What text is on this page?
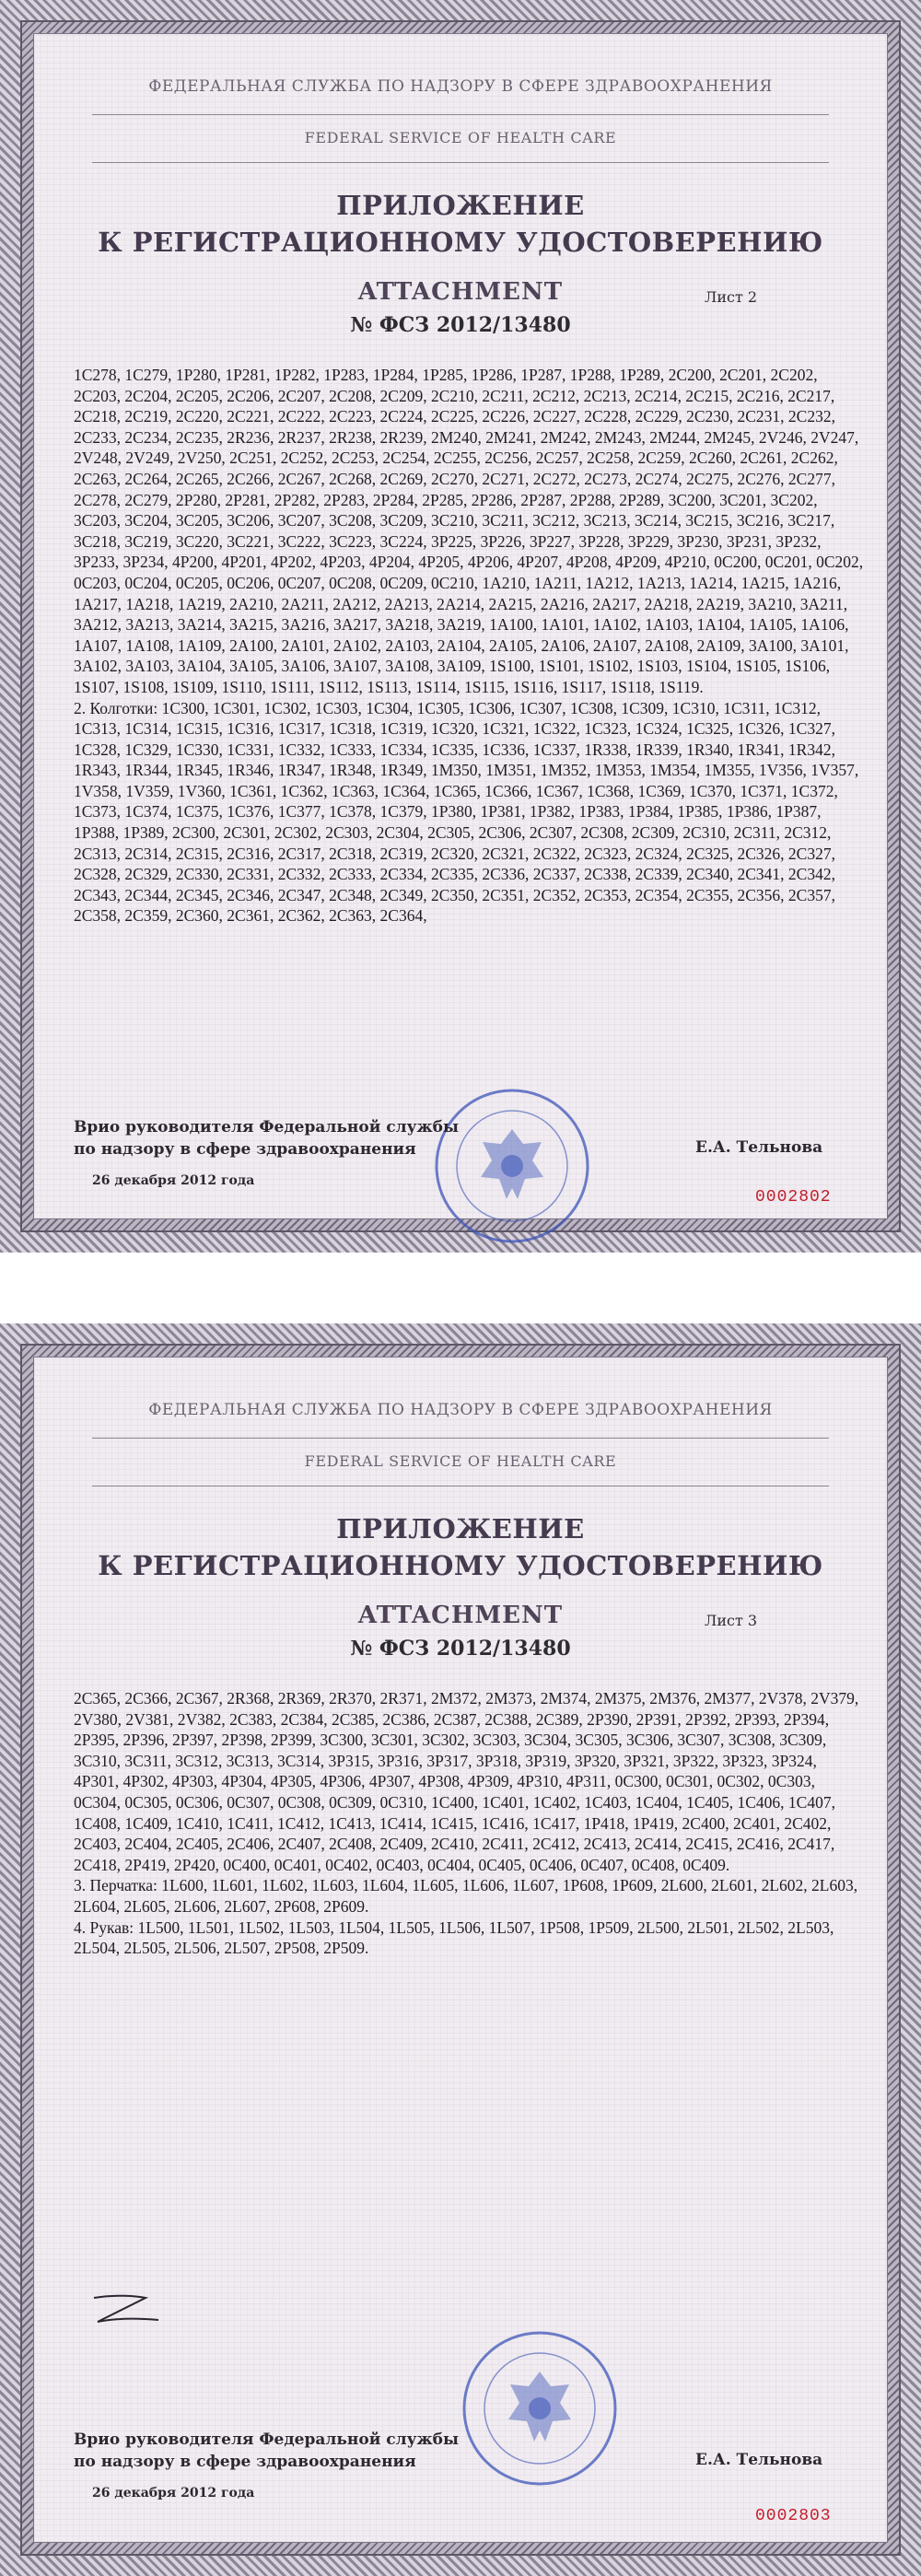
ФЕДЕРАЛЬНАЯ СЛУЖБА ПО НАДЗОРУ В СФЕРЕ ЗДРАВООХРАНЕНИЯ
FEDERAL SERVICE OF HEALTH CARE
ПРИЛОЖЕНИЕ
К РЕГИСТРАЦИОННОМУ УДОСТОВЕРЕНИЮ
ATTACHMENT
№ ФСЗ 2012/13480
Лист 2

1C278, 1C279, 1P280, 1P281, 1P282, 1P283, 1P284, 1P285, 1P286, 1P287, 1P288, 1P289, 2C200, 2C201, 2C202, 2C203, 2C204, 2C205, 2C206, 2C207, 2C208, 2C209, 2C210, 2C211, 2C212, 2C213, 2C214, 2C215, 2C216, 2C217, 2C218, 2C219, 2C220, 2C221, 2C222, 2C223, 2C224, 2C225, 2C226, 2C227, 2C228, 2C229, 2C230, 2C231, 2C232, 2C233, 2C234, 2C235, 2R236, 2R237, 2R238, 2R239, 2M240, 2M241, 2M242, 2M243, 2M244, 2M245, 2V246, 2V247, 2V248, 2V249, 2V250, 2C251, 2C252, 2C253, 2C254, 2C255, 2C256, 2C257, 2C258, 2C259, 2C260, 2C261, 2C262, 2C263, 2C264, 2C265, 2C266, 2C267, 2C268, 2C269, 2C270, 2C271, 2C272, 2C273, 2C274, 2C275, 2C276, 2C277, 2C278, 2C279, 2P280, 2P281, 2P282, 2P283, 2P284, 2P285, 2P286, 2P287, 2P288, 2P289, 3C200, 3C201, 3C202, 3C203, 3C204, 3C205, 3C206, 3C207, 3C208, 3C209, 3C210, 3C211, 3C212, 3C213, 3C214, 3C215, 3C216, 3C217, 3C218, 3C219, 3C220, 3C221, 3C222, 3C223, 3C224, 3P225, 3P226, 3P227, 3P228, 3P229, 3P230, 3P231, 3P232, 3P233, 3P234, 4P200, 4P201, 4P202, 4P203, 4P204, 4P205, 4P206, 4P207, 4P208, 4P209, 4P210, 0C200, 0C201, 0C202, 0C203, 0C204, 0C205, 0C206, 0C207, 0C208, 0C209, 0C210, 1A210, 1A211, 1A212, 1A213, 1A214, 1A215, 1A216, 1A217, 1A218, 1A219, 2A210, 2A211, 2A212, 2A213, 2A214, 2A215, 2A216, 2A217, 2A218, 2A219, 3A210, 3A211, 3A212, 3A213, 3A214, 3A215, 3A216, 3A217, 3A218, 3A219, 1A100, 1A101, 1A102, 1A103, 1A104, 1A105, 1A106, 1A107, 1A108, 1A109, 2A100, 2A101, 2A102, 2A103, 2A104, 2A105, 2A106, 2A107, 2A108, 2A109, 3A100, 3A101, 3A102, 3A103, 3A104, 3A105, 3A106, 3A107, 3A108, 3A109, 1S100, 1S101, 1S102, 1S103, 1S104, 1S105, 1S106, 1S107, 1S108, 1S109, 1S110, 1S111, 1S112, 1S113, 1S114, 1S115, 1S116, 1S117, 1S118, 1S119.

2. Колготки: 1C300, 1C301, 1C302, 1C303, 1C304, 1C305, 1C306, 1C307, 1C308, 1C309, 1C310, 1C311, 1C312, 1C313, 1C314, 1C315, 1C316, 1C317, 1C318, 1C319, 1C320, 1C321, 1C322, 1C323, 1C324, 1C325, 1C326, 1C327, 1C328, 1C329, 1C330, 1C331, 1C332, 1C333, 1C334, 1C335, 1C336, 1C337, 1R338, 1R339, 1R340, 1R341, 1R342, 1R343, 1R344, 1R345, 1R346, 1R347, 1R348, 1R349, 1M350, 1M351, 1M352, 1M353, 1M354, 1M355, 1V356, 1V357, 1V358, 1V359, 1V360, 1C361, 1C362, 1C363, 1C364, 1C365, 1C366, 1C367, 1C368, 1C369, 1C370, 1C371, 1C372, 1C373, 1C374, 1C375, 1C376, 1C377, 1C378, 1C379, 1P380, 1P381, 1P382, 1P383, 1P384, 1P385, 1P386, 1P387, 1P388, 1P389, 2C300, 2C301, 2C302, 2C303, 2C304, 2C305, 2C306, 2C307, 2C308, 2C309, 2C310, 2C311, 2C312, 2C313, 2C314, 2C315, 2C316, 2C317, 2C318, 2C319, 2C320, 2C321, 2C322, 2C323, 2C324, 2C325, 2C326, 2C327, 2C328, 2C329, 2C330, 2C331, 2C332, 2C333, 2C334, 2C335, 2C336, 2C337, 2C338, 2C339, 2C340, 2C341, 2C342, 2C343, 2C344, 2C345, 2C346, 2C347, 2C348, 2C349, 2C350, 2C351, 2C352, 2C353, 2C354, 2C355, 2C356, 2C357, 2C358, 2C359, 2C360, 2C361, 2C362, 2C363, 2C364,

Врио руководителя Федеральной службы
по надзору в сфере здравоохранения	Е.А. Тельнова
26 декабря 2012 года
0002802
ФЕДЕРАЛЬНАЯ СЛУЖБА ПО НАДЗОРУ В СФЕРЕ ЗДРАВООХРАНЕНИЯ
FEDERAL SERVICE OF HEALTH CARE
ПРИЛОЖЕНИЕ
К РЕГИСТРАЦИОННОМУ УДОСТОВЕРЕНИЮ
ATTACHMENT
№ ФСЗ 2012/13480
Лист 3

2C365, 2C366, 2C367, 2R368, 2R369, 2R370, 2R371, 2M372, 2M373, 2M374, 2M375, 2M376, 2M377, 2V378, 2V379, 2V380, 2V381, 2V382, 2C383, 2C384, 2C385, 2C386, 2C387, 2C388, 2C389, 2P390, 2P391, 2P392, 2P393, 2P394, 2P395, 2P396, 2P397, 2P398, 2P399, 3C300, 3C301, 3C302, 3C303, 3C304, 3C305, 3C306, 3C307, 3C308, 3C309, 3C310, 3C311, 3C312, 3C313, 3C314, 3P315, 3P316, 3P317, 3P318, 3P319, 3P320, 3P321, 3P322, 3P323, 3P324, 4P301, 4P302, 4P303, 4P304, 4P305, 4P306, 4P307, 4P308, 4P309, 4P310, 4P311, 0C300, 0C301, 0C302, 0C303, 0C304, 0C305, 0C306, 0C307, 0C308, 0C309, 0C310, 1C400, 1C401, 1C402, 1C403, 1C404, 1C405, 1C406, 1C407, 1C408, 1C409, 1C410, 1C411, 1C412, 1C413, 1C414, 1C415, 1C416, 1C417, 1P418, 1P419, 2C400, 2C401, 2C402, 2C403, 2C404, 2C405, 2C406, 2C407, 2C408, 2C409, 2C410, 2C411, 2C412, 2C413, 2C414, 2C415, 2C416, 2C417, 2C418, 2P419, 2P420, 0C400, 0C401, 0C402, 0C403, 0C404, 0C405, 0C406, 0C407, 0C408, 0C409.

3. Перчатка: 1L600, 1L601, 1L602, 1L603, 1L604, 1L605, 1L606, 1L607, 1P608, 1P609, 2L600, 2L601, 2L602, 2L603, 2L604, 2L605, 2L606, 2L607, 2P608, 2P609.

4. Рукав: 1L500, 1L501, 1L502, 1L503, 1L504, 1L505, 1L506, 1L507, 1P508, 1P509, 2L500, 2L501, 2L502, 2L503, 2L504, 2L505, 2L506, 2L507, 2P508, 2P509.

Врио руководителя Федеральной службы
по надзору в сфере здравоохранения	Е.А. Тельнова
26 декабря 2012 года
0002803
